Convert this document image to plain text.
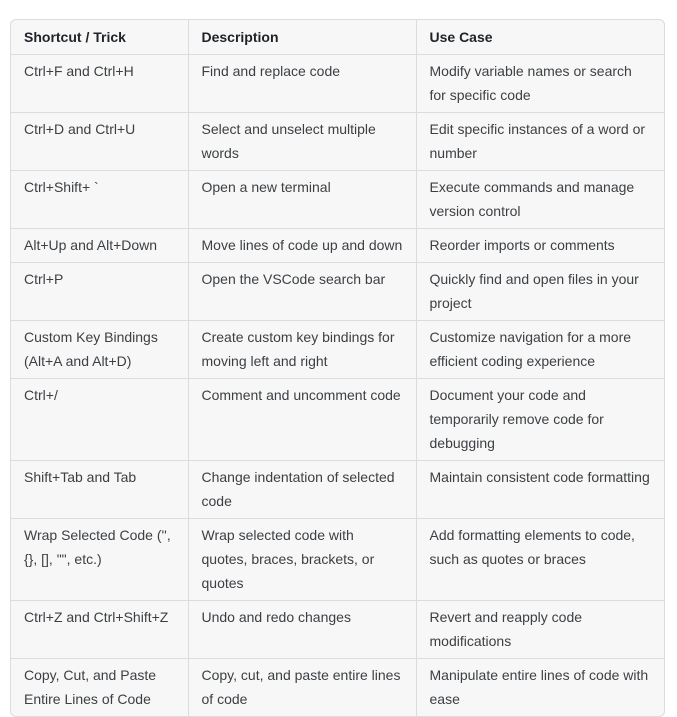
Shortcut / Trick	Description	Use Case
Ctrl+F and Ctrl+H	Find and replace code	Modify variable names or search for specific code
Ctrl+D and Ctrl+U	Select and unselect multiple words	Edit specific instances of a word or number
Ctrl+Shift+ `	Open a new terminal	Execute commands and manage version control
Alt+Up and Alt+Down	Move lines of code up and down	Reorder imports or comments
Ctrl+P	Open the VSCode search bar	Quickly find and open files in your project
Custom Key Bindings (Alt+A and Alt+D)	Create custom key bindings for moving left and right	Customize navigation for a more efficient coding experience
Ctrl+/	Comment and uncomment code	Document your code and temporarily remove code for debugging
Shift+Tab and Tab	Change indentation of selected code	Maintain consistent code formatting
Wrap Selected Code ('', {}, [], "", etc.)	Wrap selected code with quotes, braces, brackets, or quotes	Add formatting elements to code, such as quotes or braces
Ctrl+Z and Ctrl+Shift+Z	Undo and redo changes	Revert and reapply code modifications
Copy, Cut, and Paste Entire Lines of Code	Copy, cut, and paste entire lines of code	Manipulate entire lines of code with ease
